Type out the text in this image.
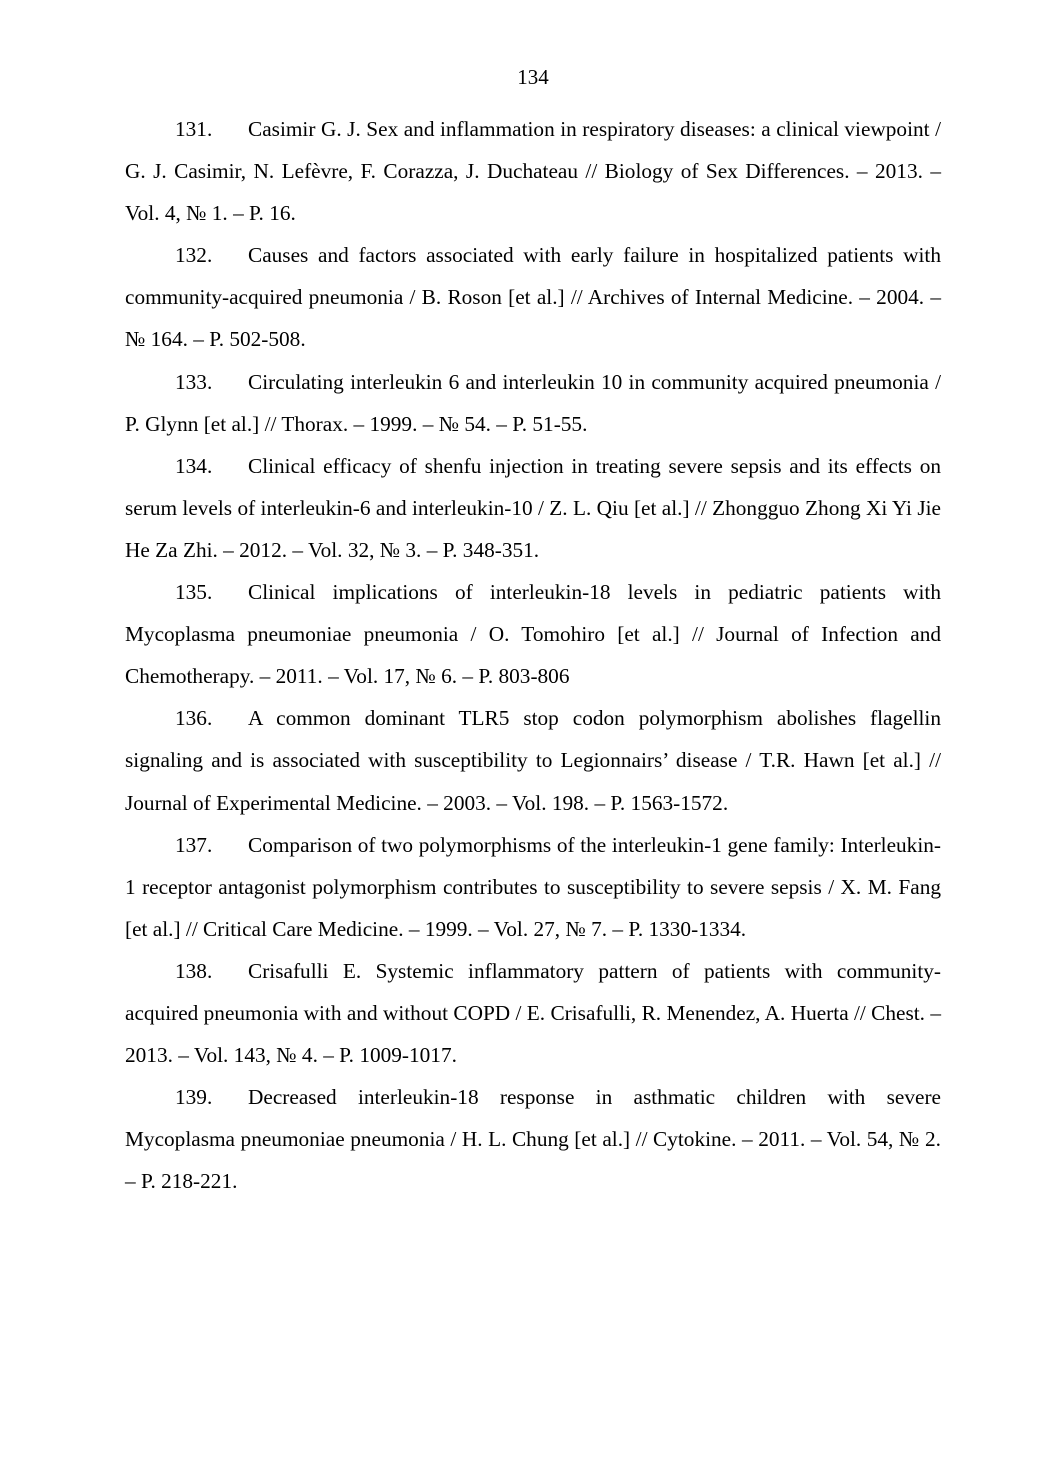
134
131. Casimir G. J. Sex and inflammation in respiratory diseases: a clinical viewpoint / G. J. Casimir, N. Lefèvre, F. Corazza, J. Duchateau // Biology of Sex Differences. – 2013. – Vol. 4, № 1. – P. 16.
132. Causes and factors associated with early failure in hospitalized patients with community-acquired pneumonia / B. Roson [et al.] // Archives of Internal Medicine. – 2004. – № 164. – P. 502-508.
133. Circulating interleukin 6 and interleukin 10 in community acquired pneumonia / P. Glynn [et al.] // Thorax. – 1999. – № 54. – P. 51-55.
134. Clinical efficacy of shenfu injection in treating severe sepsis and its effects on serum levels of interleukin-6 and interleukin-10 / Z. L. Qiu [et al.] // Zhongguo Zhong Xi Yi Jie He Za Zhi. – 2012. – Vol. 32, № 3. – P. 348-351.
135. Clinical implications of interleukin-18 levels in pediatric patients with Mycoplasma pneumoniae pneumonia / O. Tomohiro [et al.] // Journal of Infection and Chemotherapy. – 2011. – Vol. 17, № 6. – P. 803-806
136. A common dominant TLR5 stop codon polymorphism abolishes flagellin signaling and is associated with susceptibility to Legionnairs’ disease / T.R. Hawn [et al.] // Journal of Experimental Medicine. – 2003. – Vol. 198. – P. 1563-1572.
137. Comparison of two polymorphisms of the interleukin-1 gene family: Interleukin-1 receptor antagonist polymorphism contributes to susceptibility to severe sepsis / X. M. Fang [et al.] // Critical Care Medicine. – 1999. – Vol. 27, № 7. – P. 1330-1334.
138. Crisafulli E. Systemic inflammatory pattern of patients with community-acquired pneumonia with and without COPD / E. Crisafulli, R. Menendez, A. Huerta // Chest. – 2013. – Vol. 143, № 4. – P. 1009-1017.
139. Decreased interleukin-18 response in asthmatic children with severe Mycoplasma pneumoniae pneumonia / H. L. Chung [et al.] // Cytokine. – 2011. – Vol. 54, № 2. – P. 218-221.
